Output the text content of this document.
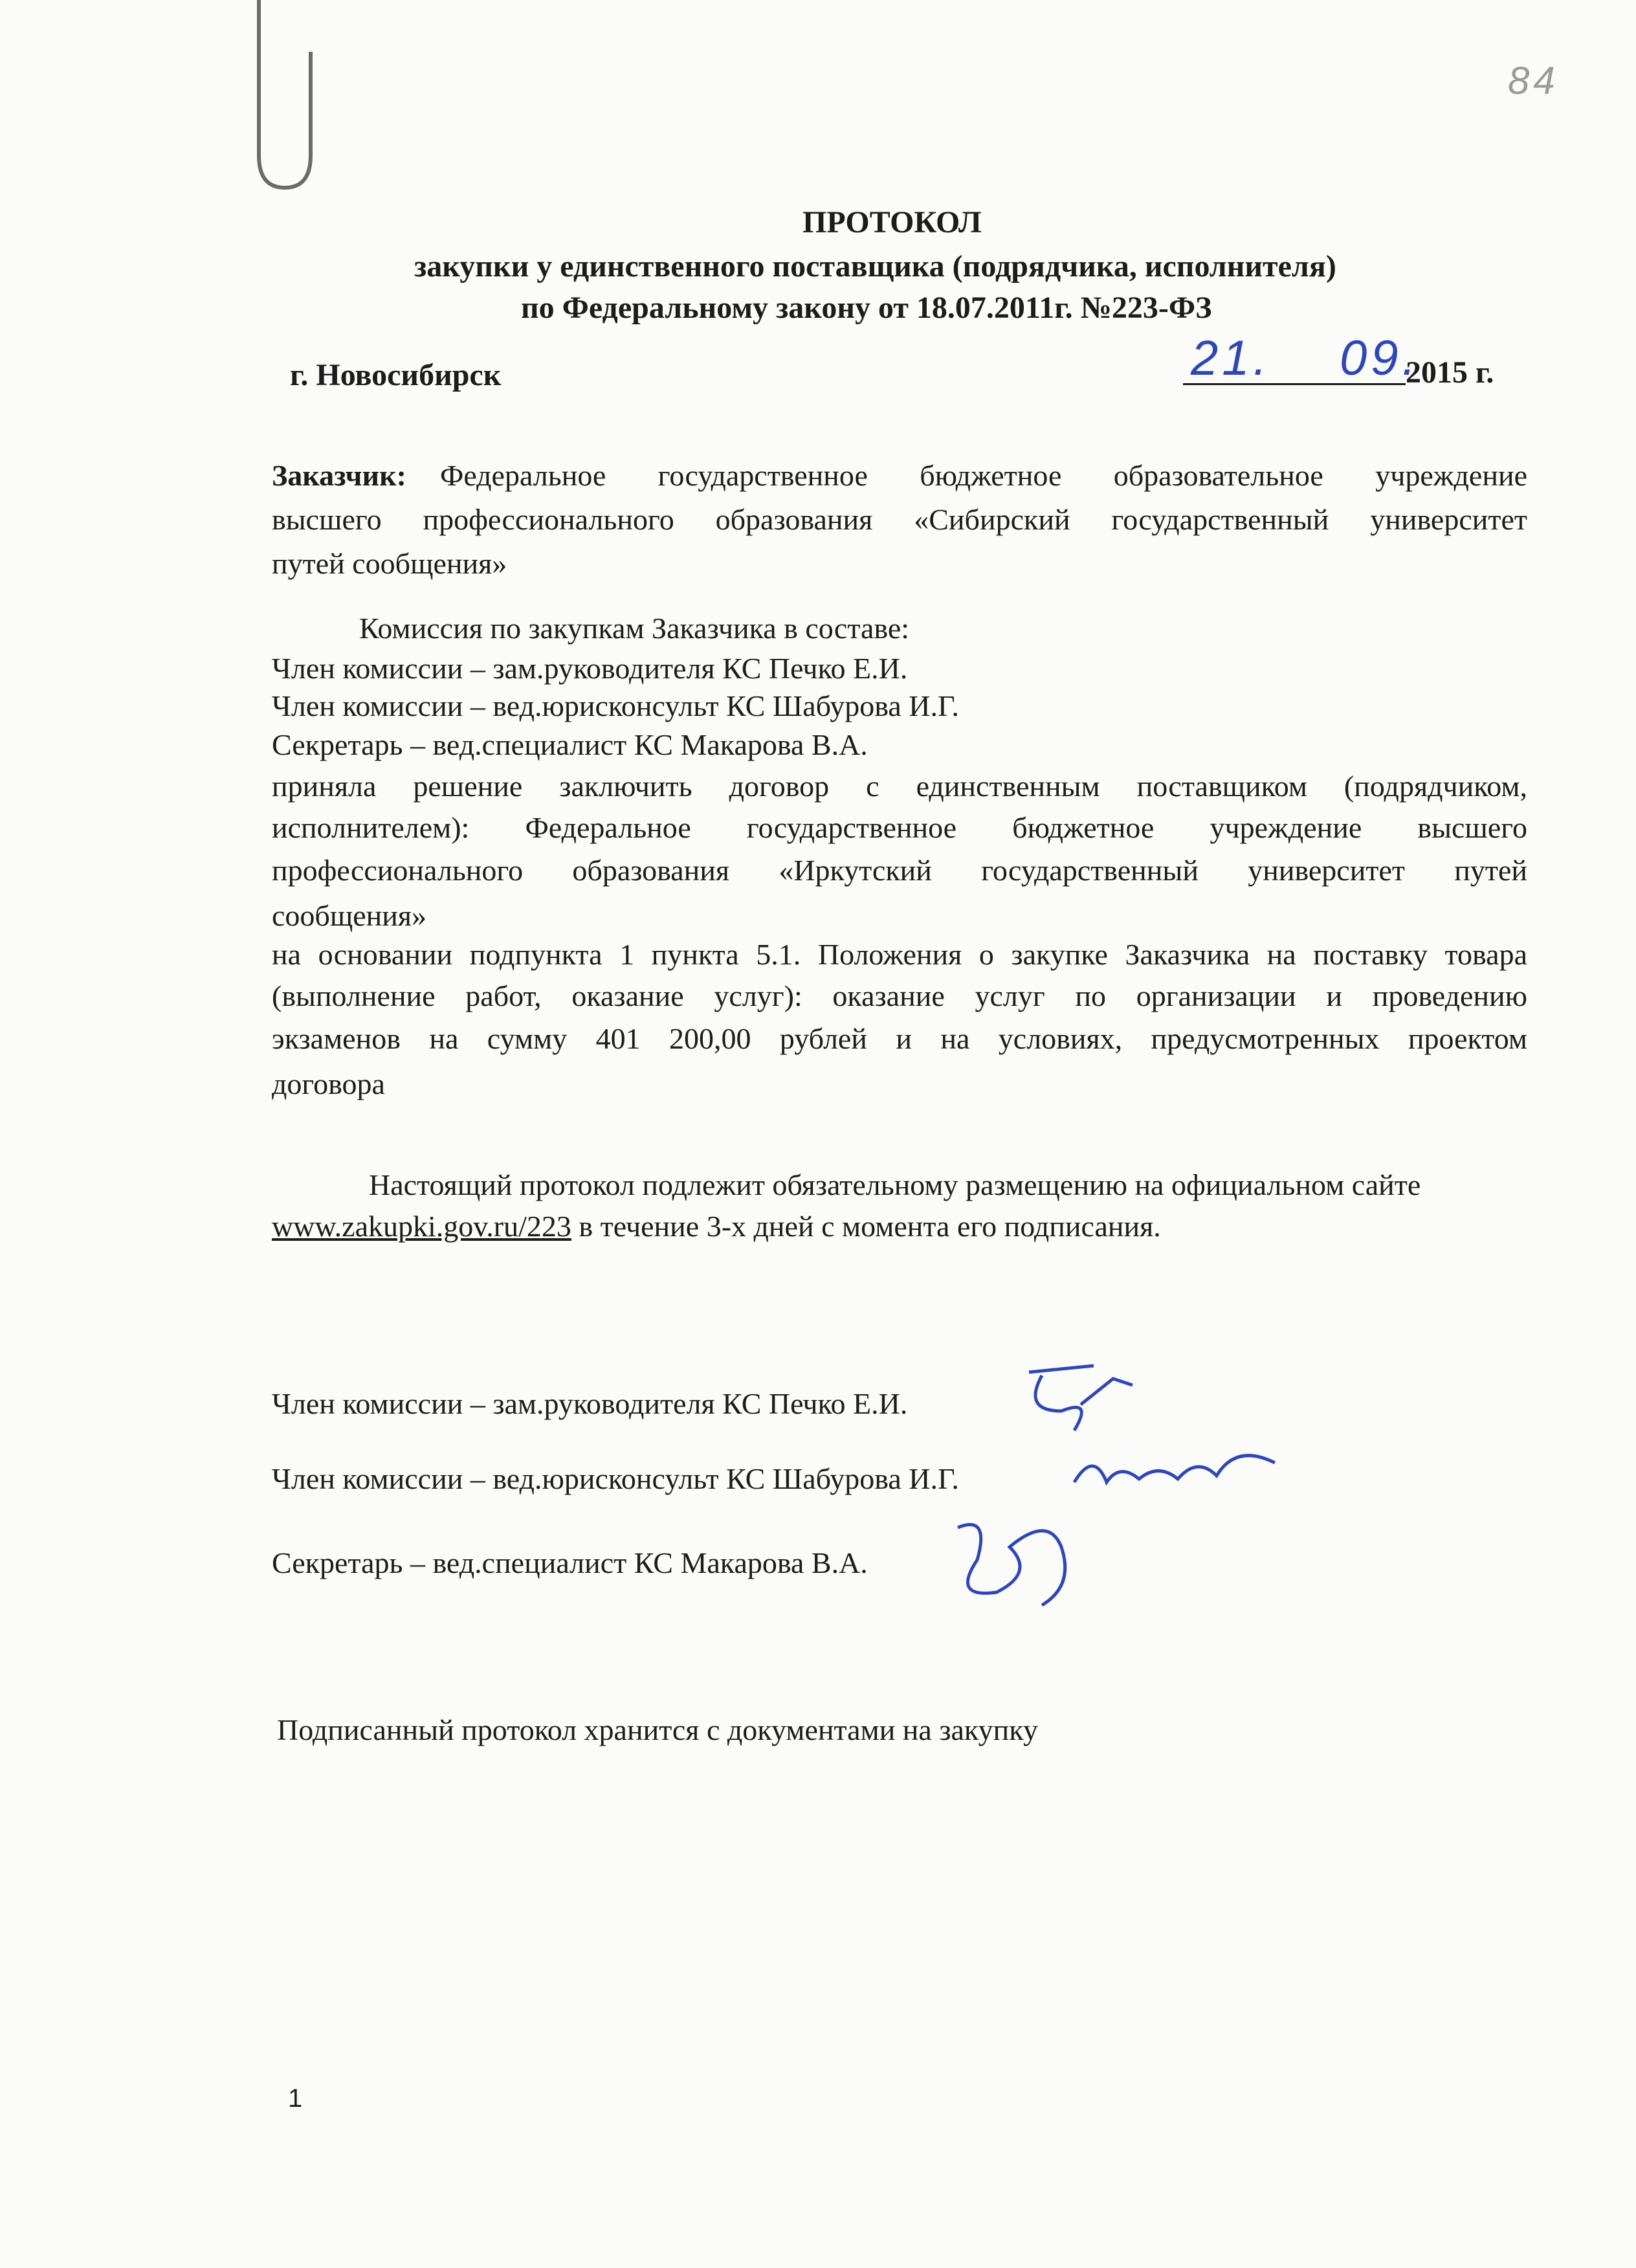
84
ПРОТОКОЛ
закупки у единственного поставщика (подрядчика, исполнителя)
по Федеральному закону от 18.07.2011г. №223-ФЗ
г. Новосибирск	21. 09.
2015 г.
Заказчик: Федеральное государственное бюджетное образовательное учреждение
высшего профессионального образования «Сибирский государственный университет
путей сообщения»
Комиссия по закупкам Заказчика в составе:
Член комиссии – зам.руководителя КС Печко Е.И.
Член комиссии – вед.юрисконсульт КС Шабурова И.Г.
Секретарь – вед.специалист КС Макарова В.А.
приняла решение заключить договор с единственным поставщиком (подрядчиком,
исполнителем): Федеральное государственное бюджетное учреждение высшего
профессионального образования «Иркутский государственный университет путей
сообщения»
на основании подпункта 1 пункта 5.1. Положения о закупке Заказчика на поставку товара
(выполнение работ, оказание услуг): оказание услуг по организации и проведению
экзаменов на сумму 401 200,00 рублей и на условиях, предусмотренных проектом
договора
Настоящий протокол подлежит обязательному размещению на официальном сайте
www.zakupki.gov.ru/223 в течение 3-х дней с момента его подписания.
Член комиссии – зам.руководителя КС Печко Е.И.
Член комиссии – вед.юрисконсульт КС Шабурова И.Г.
Секретарь – вед.специалист КС Макарова В.А.
Подписанный протокол хранится с документами на закупку
1
